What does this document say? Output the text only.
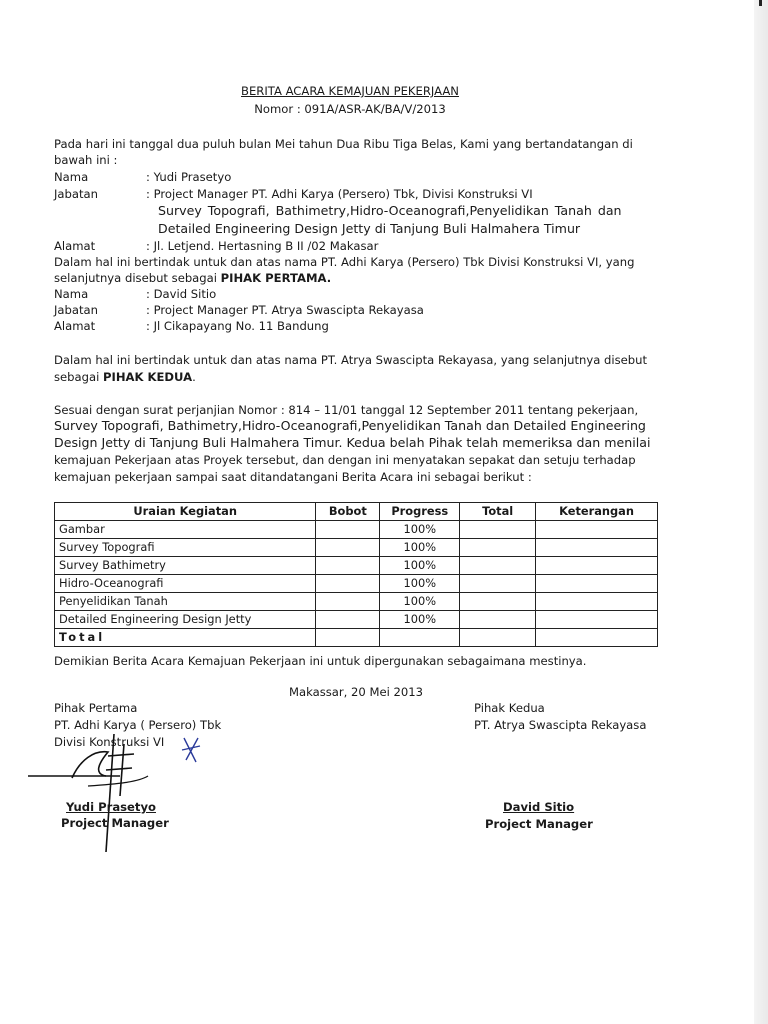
BERITA ACARA KEMAJUAN PEKERJAAN
Nomor : 091A/ASR-AK/BA/V/2013
Pada hari ini tanggal dua puluh bulan Mei tahun Dua Ribu Tiga Belas, Kami yang bertandatangan di
bawah ini :
Nama	: Yudi Prasetyo
Jabatan	: Project Manager PT. Adhi Karya (Persero) Tbk, Divisi Konstruksi VI
Survey Topografi, Bathimetry,Hidro-Oceanografi,Penyelidikan Tanah dan
Detailed Engineering Design Jetty di Tanjung Buli Halmahera Timur
Alamat	: Jl. Letjend. Hertasning B II /02 Makasar
Dalam hal ini bertindak untuk dan atas nama PT. Adhi Karya (Persero) Tbk Divisi Konstruksi VI, yang
selanjutnya disebut sebagai PIHAK PERTAMA.
Nama	: David Sitio
Jabatan	: Project Manager PT. Atrya Swascipta Rekayasa
Alamat	: Jl Cikapayang No. 11 Bandung
Dalam hal ini bertindak untuk dan atas nama PT. Atrya Swascipta Rekayasa, yang selanjutnya disebut
sebagai PIHAK KEDUA.
Sesuai dengan surat perjanjian Nomor : 814 – 11/01 tanggal 12 September 2011 tentang pekerjaan,
Survey Topografi, Bathimetry,Hidro-Oceanografi,Penyelidikan Tanah dan Detailed Engineering
Design Jetty di Tanjung Buli Halmahera Timur. Kedua belah Pihak telah memeriksa dan menilai
kemajuan Pekerjaan atas Proyek tersebut, dan dengan ini menyatakan sepakat dan setuju terhadap
kemajuan pekerjaan sampai saat ditandatangani Berita Acara ini sebagai berikut :
Uraian Kegiatan	Bobot	Progress	Total	Keterangan
Gambar		100%		
Survey Topografi		100%		
Survey Bathimetry		100%		
Hidro-Oceanografi		100%		
Penyelidikan Tanah		100%		
Detailed Engineering Design Jetty		100%		
Total				
Demikian Berita Acara Kemajuan Pekerjaan ini untuk dipergunakan sebagaimana mestinya.
Makassar, 20 Mei 2013
Pihak Pertama
PT. Adhi Karya ( Persero) Tbk
Divisi Konstruksi VI
Yudi Prasetyo
Project Manager
Pihak Kedua
PT. Atrya Swascipta Rekayasa
David Sitio
Project Manager
